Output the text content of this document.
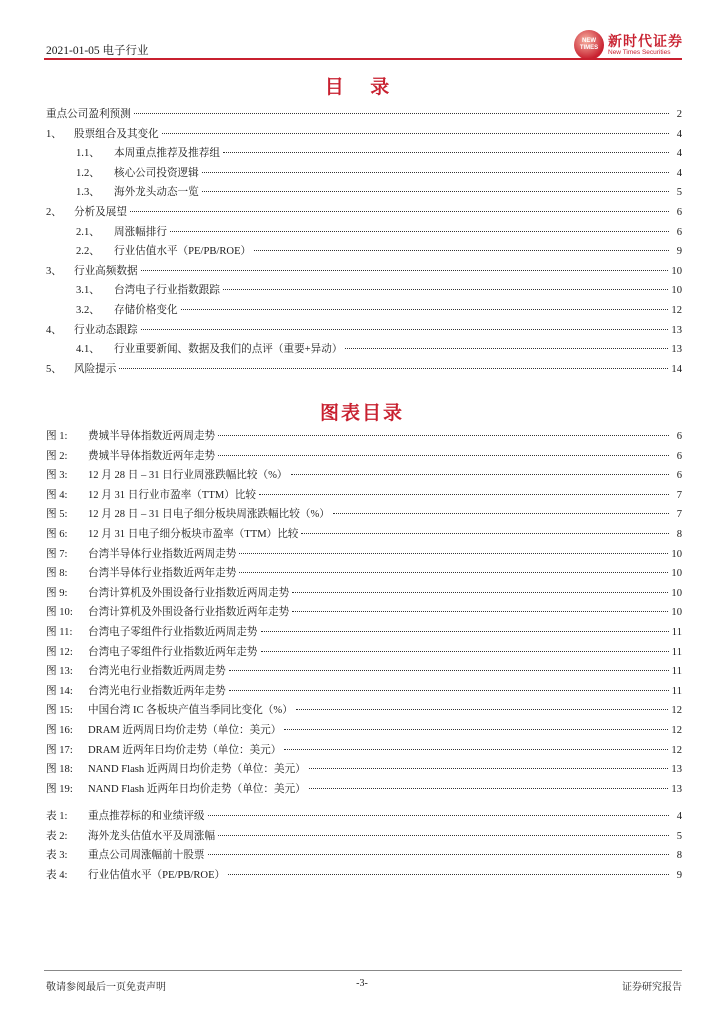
2021-01-05 电子行业
NEW
TIMES 新时代证券
New Times Securities
目 录
重点公司盈利预测	2
1、 股票组合及其变化	4
1.1、 本周重点推荐及推荐组	4
1.2、 核心公司投资逻辑	4
1.3、 海外龙头动态一览	5
2、 分析及展望	6
2.1、 周涨幅排行	6
2.2、 行业估值水平（PE/PB/ROE）	9
3、 行业高频数据	10
3.1、 台湾电子行业指数跟踪	10
3.2、 存储价格变化	12
4、 行业动态跟踪	13
4.1、 行业重要新闻、数据及我们的点评（重要+异动）	13
5、 风险提示	14
图表目录
图 1: 费城半导体指数近两周走势	6
图 2: 费城半导体指数近两年走势	6
图 3: 12 月 28 日 – 31 日行业周涨跌幅比较（%）	6
图 4: 12 月 31 日行业市盈率（TTM）比较	7
图 5: 12 月 28 日 – 31 日电子细分板块周涨跌幅比较（%）	7
图 6: 12 月 31 日电子细分板块市盈率（TTM）比较	8
图 7: 台湾半导体行业指数近两周走势	10
图 8: 台湾半导体行业指数近两年走势	10
图 9: 台湾计算机及外围设备行业指数近两周走势	10
图 10: 台湾计算机及外围设备行业指数近两年走势	10
图 11: 台湾电子零组件行业指数近两周走势	11
图 12: 台湾电子零组件行业指数近两年走势	11
图 13: 台湾光电行业指数近两周走势	11
图 14: 台湾光电行业指数近两年走势	11
图 15: 中国台湾 IC 各板块产值当季同比变化（%）	12
图 16: DRAM 近两周日均价走势（单位：美元）	12
图 17: DRAM 近两年日均价走势（单位：美元）	12
图 18: NAND Flash 近两周日均价走势（单位：美元）	13
图 19: NAND Flash 近两年日均价走势（单位：美元）	13
表 1: 重点推荐标的和业绩评级	4
表 2: 海外龙头估值水平及周涨幅	5
表 3: 重点公司周涨幅前十股票	8
表 4: 行业估值水平（PE/PB/ROE）	9
敬请参阅最后一页免责声明	-3-	证券研究报告
